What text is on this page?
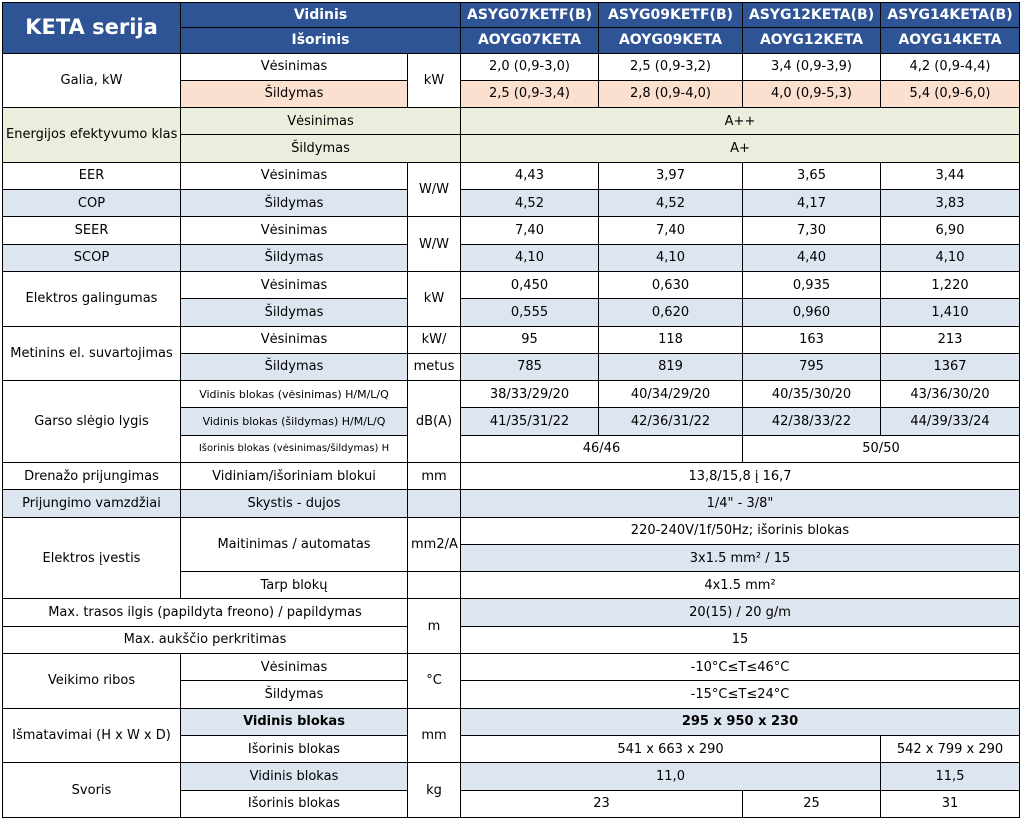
KETA serija	Vidinis		ASYG07KETF(B)	ASYG09KETF(B)	ASYG12KETA(B)	ASYG14KETA(B)
	Išorinis		AOYG07KETA	AOYG09KETA	AOYG12KETA	AOYG14KETA
Galia, kW	Vėsinimas	kW	2,0 (0,9-3,0)	2,5 (0,9-3,2)	3,4 (0,9-3,9)	4,2 (0,9-4,4)
	Šildymas		2,5 (0,9-3,4)	2,8 (0,9-4,0)	4,0 (0,9-5,3)	5,4 (0,9-6,0)
Energijos efektyvumo klas	Vėsinimas		A++			
	Šildymas		A+			
EER	Vėsinimas	W/W	4,43	3,97	3,65	3,44
COP	Šildymas		4,52	4,52	4,17	3,83
SEER	Vėsinimas	W/W	7,40	7,40	7,30	6,90
SCOP	Šildymas		4,10	4,10	4,40	4,10
Elektros galingumas	Vėsinimas	kW	0,450	0,630	0,935	1,220
	Šildymas		0,555	0,620	0,960	1,410
Metinins el. suvartojimas	Vėsinimas	kW/	95	118	163	213
	Šildymas	metus	785	819	795	1367
Garso slėgio lygis	Vidinis blokas (vėsinimas) H/M/L/Q	dB(A)	38/33/29/20	40/34/29/20	40/35/30/20	43/36/30/20
	Vidinis blokas (šildymas) H/M/L/Q		41/35/31/22	42/36/31/22	42/38/33/22	44/39/33/24
	Išorinis blokas (vėsinimas/šildymas) H		46/46		50/50	
Drenažo prijungimas	Vidiniam/išoriniam blokui	mm	13,8/15,8 į 16,7			
Prijungimo vamzdžiai	Skystis - dujos		1/4" - 3/8"			
Elektros įvestis	Maitinimas / automatas	mm2/A	220-240V/1f/50Hz; išorinis blokas			
			3x1.5 mm² / 15			
	Tarp blokų		4x1.5 mm²			
Max. trasos ilgis (papildyta freono) / papildymas		m	20(15) / 20 g/m			
Max. aukščio perkritimas			15			
Veikimo ribos	Vėsinimas	°C	-10°C≤T≤46°C			
	Šildymas		-15°C≤T≤24°C			
Išmatavimai (H x W x D)	Vidinis blokas	mm	295 x 950 x 230			
	Išorinis blokas		541 x 663 x 290			542 x 799 x 290
Svoris	Vidinis blokas	kg	11,0			11,5
	Išorinis blokas		23		25	31
